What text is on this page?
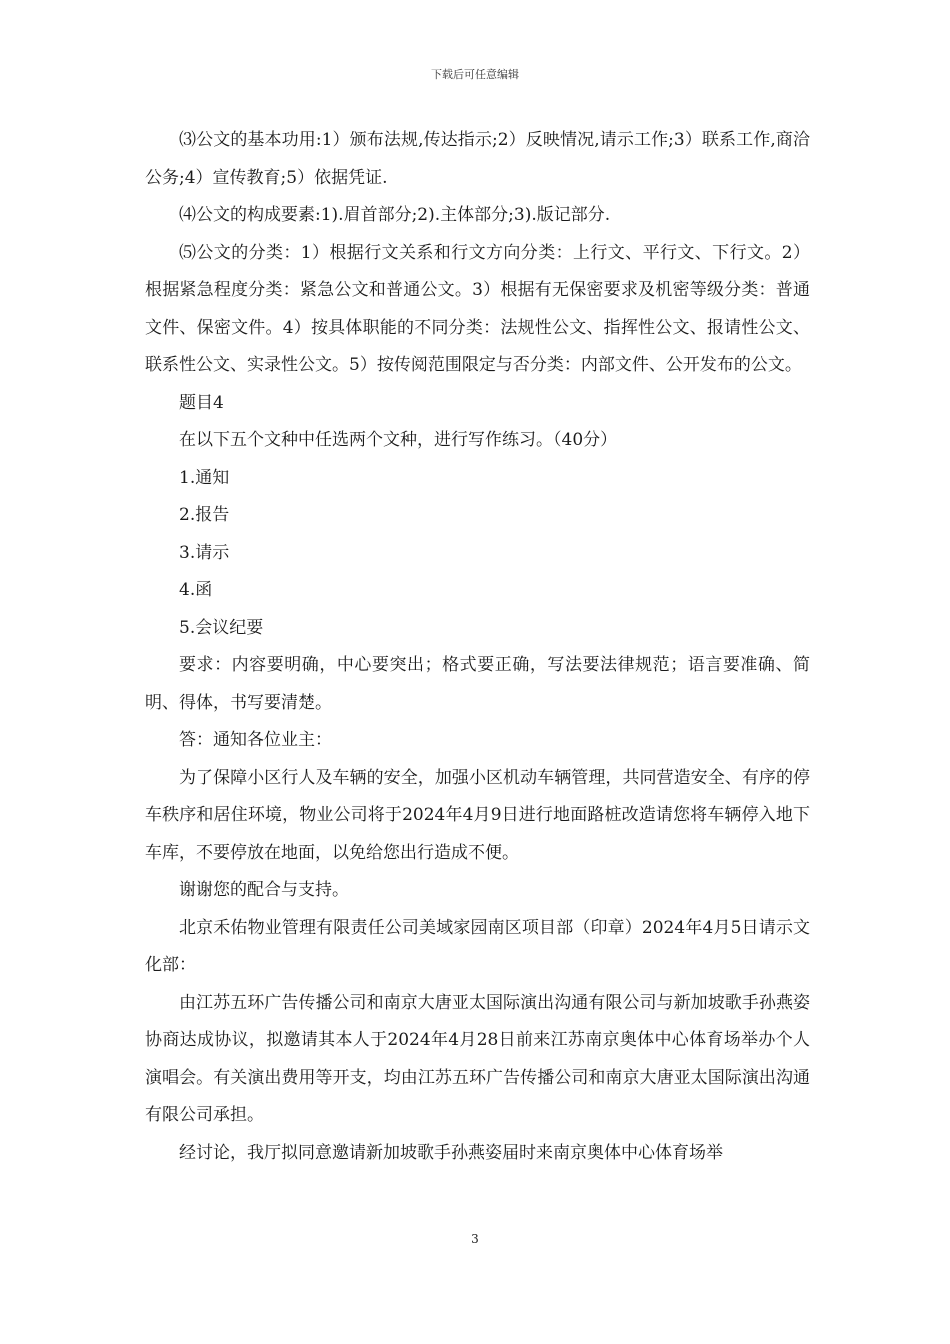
下载后可任意编辑

⑶公文的基本功用:1）颁布法规,传达指示;2）反映情况,请示工作;3）联系工作,商洽公务;4）宣传教育;5）依据凭证.

⑷公文的构成要素:1).眉首部分;2).主体部分;3).版记部分.

⑸公文的分类：1）根据行文关系和行文方向分类：上行文、平行文、下行文。2）根据紧急程度分类：紧急公文和普通公文。3）根据有无保密要求及机密等级分类：普通文件、保密文件。4）按具体职能的不同分类：法规性公文、指挥性公文、报请性公文、联系性公文、实录性公文。5）按传阅范围限定与否分类：内部文件、公开发布的公文。

题目4

在以下五个文种中任选两个文种，进行写作练习。（40分）

1.通知

2.报告

3.请示

4.函

5.会议纪要

要求：内容要明确，中心要突出；格式要正确，写法要法律规范；语言要准确、简明、得体，书写要清楚。

答：通知各位业主：

为了保障小区行人及车辆的安全，加强小区机动车辆管理，共同营造安全、有序的停车秩序和居住环境，物业公司将于2024年4月9日进行地面路桩改造请您将车辆停入地下车库，不要停放在地面，以免给您出行造成不便。

谢谢您的配合与支持。

北京禾佑物业管理有限责任公司美域家园南区项目部（印章）2024年4月5日请示文化部：

由江苏五环广告传播公司和南京大唐亚太国际演出沟通有限公司与新加坡歌手孙燕姿协商达成协议，拟邀请其本人于2024年4月28日前来江苏南京奥体中心体育场举办个人演唱会。有关演出费用等开支，均由江苏五环广告传播公司和南京大唐亚太国际演出沟通有限公司承担。

经讨论，我厅拟同意邀请新加坡歌手孙燕姿届时来南京奥体中心体育场举

3
